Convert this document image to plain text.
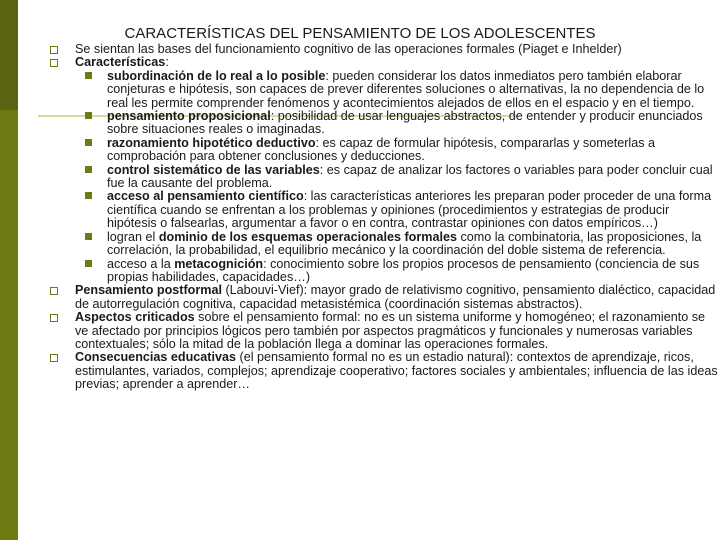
CARACTERÍSTICAS DEL PENSAMIENTO DE LOS ADOLESCENTES
Se sientan las bases del funcionamiento cognitivo de las operaciones formales (Piaget e Inhelder)
Características:
subordinación de lo real a lo posible: pueden considerar los datos inmediatos pero también elaborar conjeturas e hipótesis, son capaces de prever diferentes soluciones o alternativas, la no dependencia de lo real les permite comprender fenómenos y acontecimientos alejados de ellos en el espacio y en el tiempo.
pensamiento proposicional: posibilidad de usar lenguajes abstractos, de entender y producir enunciados sobre situaciones reales o imaginadas.
razonamiento hipotético deductivo: es capaz de formular hipótesis, compararlas y someterlas a comprobación para obtener conclusiones y deducciones.
control sistemático de las variables: es capaz de analizar los factores o variables para poder concluir cual fue la causante del problema.
acceso al pensamiento científico: las características anteriores les preparan poder proceder de una forma científica cuando se enfrentan a los problemas y opiniones (procedimientos y estrategias de producir hipótesis o falsearlas, argumentar a favor o en contra, contrastar opiniones con datos empíricos…)
logran el dominio de los esquemas operacionales formales como la combinatoria, las proposiciones, la correlación, la probabilidad, el equilibrio mecánico y la coordinación del doble sistema de referencia.
acceso a la metacognición: conocimiento sobre los propios procesos de pensamiento (conciencia de sus propias habilidades, capacidades…)
Pensamiento postformal (Labouvi-Vief): mayor grado de relativismo cognitivo, pensamiento dialéctico, capacidad de autorregulación cognitiva, capacidad metasistémica (coordinación sistemas abstractos).
Aspectos criticados sobre el pensamiento formal: no es un sistema uniforme y homogéneo; el razonamiento se ve afectado por principios lógicos pero también por aspectos pragmáticos y funcionales y numerosas variables contextuales; sólo la mitad de la población llega a dominar las operaciones formales.
Consecuencias educativas (el pensamiento formal no es un estadio natural): contextos de aprendizaje, ricos, estimulantes, variados, complejos; aprendizaje cooperativo; factores sociales y ambientales; influencia de las ideas previas; aprender a aprender…
